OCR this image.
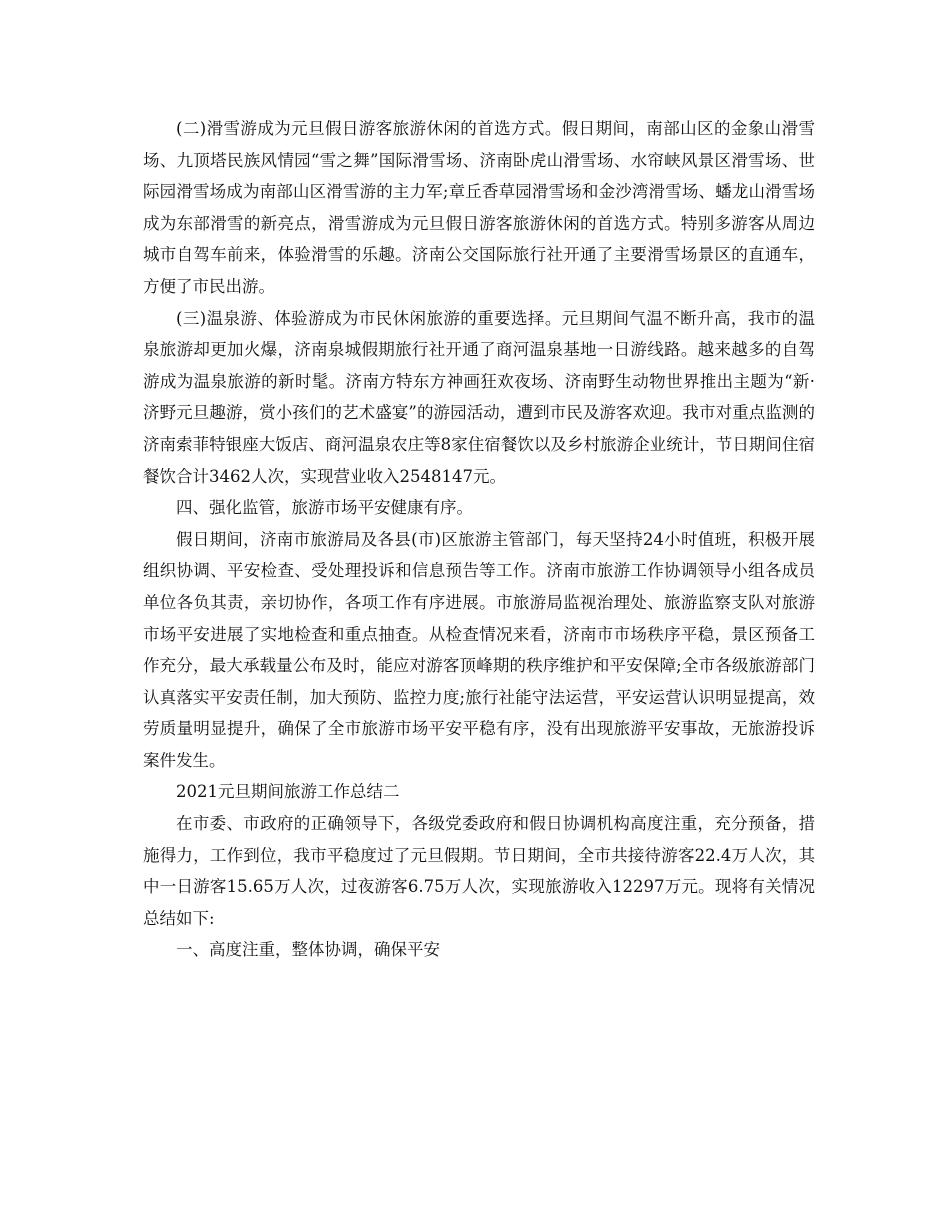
(二)滑雪游成为元旦假日游客旅游休闲的首选方式。假日期间，南部山区的金象山滑雪场、九顶塔民族风情园“雪之舞”国际滑雪场、济南卧虎山滑雪场、水帘峡风景区滑雪场、世际园滑雪场成为南部山区滑雪游的主力军;章丘香草园滑雪场和金沙湾滑雪场、蟠龙山滑雪场成为东部滑雪的新亮点，滑雪游成为元旦假日游客旅游休闲的首选方式。特别多游客从周边城市自驾车前来，体验滑雪的乐趣。济南公交国际旅行社开通了主要滑雪场景区的直通车，方便了市民出游。

(三)温泉游、体验游成为市民休闲旅游的重要选择。元旦期间气温不断升高，我市的温泉旅游却更加火爆，济南泉城假期旅行社开通了商河温泉基地一日游线路。越来越多的自驾游成为温泉旅游的新时髦。济南方特东方神画狂欢夜场、济南野生动物世界推出主题为“新·济野元旦趣游，赏小孩们的艺术盛宴”的游园活动，遭到市民及游客欢迎。我市对重点监测的济南索菲特银座大饭店、商河温泉农庄等8家住宿餐饮以及乡村旅游企业统计，节日期间住宿餐饮合计3462人次，实现营业收入2548147元。

四、强化监管，旅游市场平安健康有序。

假日期间，济南市旅游局及各县(市)区旅游主管部门，每天坚持24小时值班，积极开展组织协调、平安检查、受处理投诉和信息预告等工作。济南市旅游工作协调领导小组各成员单位各负其责，亲切协作，各项工作有序进展。市旅游局监视治理处、旅游监察支队对旅游市场平安进展了实地检查和重点抽查。从检查情况来看，济南市市场秩序平稳，景区预备工作充分，最大承载量公布及时，能应对游客顶峰期的秩序维护和平安保障;全市各级旅游部门认真落实平安责任制，加大预防、监控力度;旅行社能守法运营，平安运营认识明显提高，效劳质量明显提升，确保了全市旅游市场平安平稳有序，没有出现旅游平安事故，无旅游投诉案件发生。

2021元旦期间旅游工作总结二

在市委、市政府的正确领导下，各级党委政府和假日协调机构高度注重，充分预备，措施得力，工作到位，我市平稳度过了元旦假期。节日期间，全市共接待游客22.4万人次，其中一日游客15.65万人次，过夜游客6.75万人次，实现旅游收入12297万元。现将有关情况总结如下:

一、高度注重，整体协调，确保平安
